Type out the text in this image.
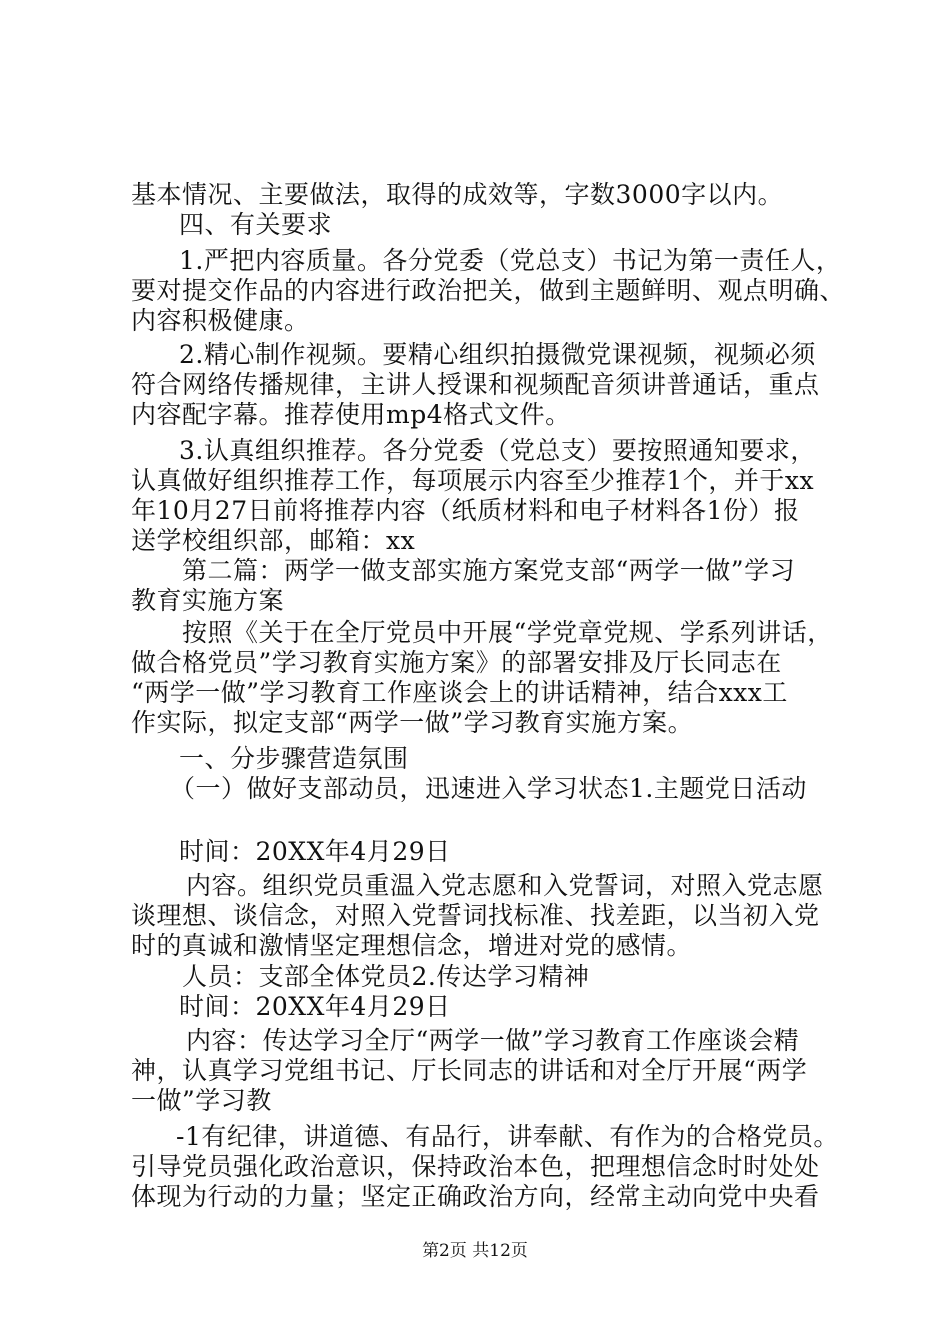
基本情况、主要做法，取得的成效等，字数3000字以内。
四、有关要求
1.严把内容质量。各分党委（党总支）书记为第一责任人，
要对提交作品的内容进行政治把关，做到主题鲜明、观点明确、
内容积极健康。
2.精心制作视频。要精心组织拍摄微党课视频，视频必须
符合网络传播规律，主讲人授课和视频配音须讲普通话，重点
内容配字幕。推荐使用mp4格式文件。
3.认真组织推荐。各分党委（党总支）要按照通知要求，
认真做好组织推荐工作，每项展示内容至少推荐1个，并于xx
年10月27日前将推荐内容（纸质材料和电子材料各1份）报
送学校组织部，邮箱：xx
第二篇：两学一做支部实施方案党支部“两学一做”学习
教育实施方案
按照《关于在全厅党员中开展“学党章党规、学系列讲话，
做合格党员”学习教育实施方案》的部署安排及厅长同志在
“两学一做”学习教育工作座谈会上的讲话精神，结合xxx工
作实际，拟定支部“两学一做”学习教育实施方案。
一、分步骤营造氛围
（一）做好支部动员，迅速进入学习状态1.主题党日活动
时间：20XX年4月29日
内容。组织党员重温入党志愿和入党誓词，对照入党志愿
谈理想、谈信念，对照入党誓词找标准、找差距，以当初入党
时的真诚和激情坚定理想信念，增进对党的感情。
人员：支部全体党员2.传达学习精神
时间：20XX年4月29日
内容：传达学习全厅“两学一做”学习教育工作座谈会精
神，认真学习党组书记、厅长同志的讲话和对全厅开展“两学
一做”学习教
-1有纪律，讲道德、有品行，讲奉献、有作为的合格党员。
引导党员强化政治意识，保持政治本色，把理想信念时时处处
体现为行动的力量；坚定正确政治方向，经常主动向党中央看
第2页 共12页
